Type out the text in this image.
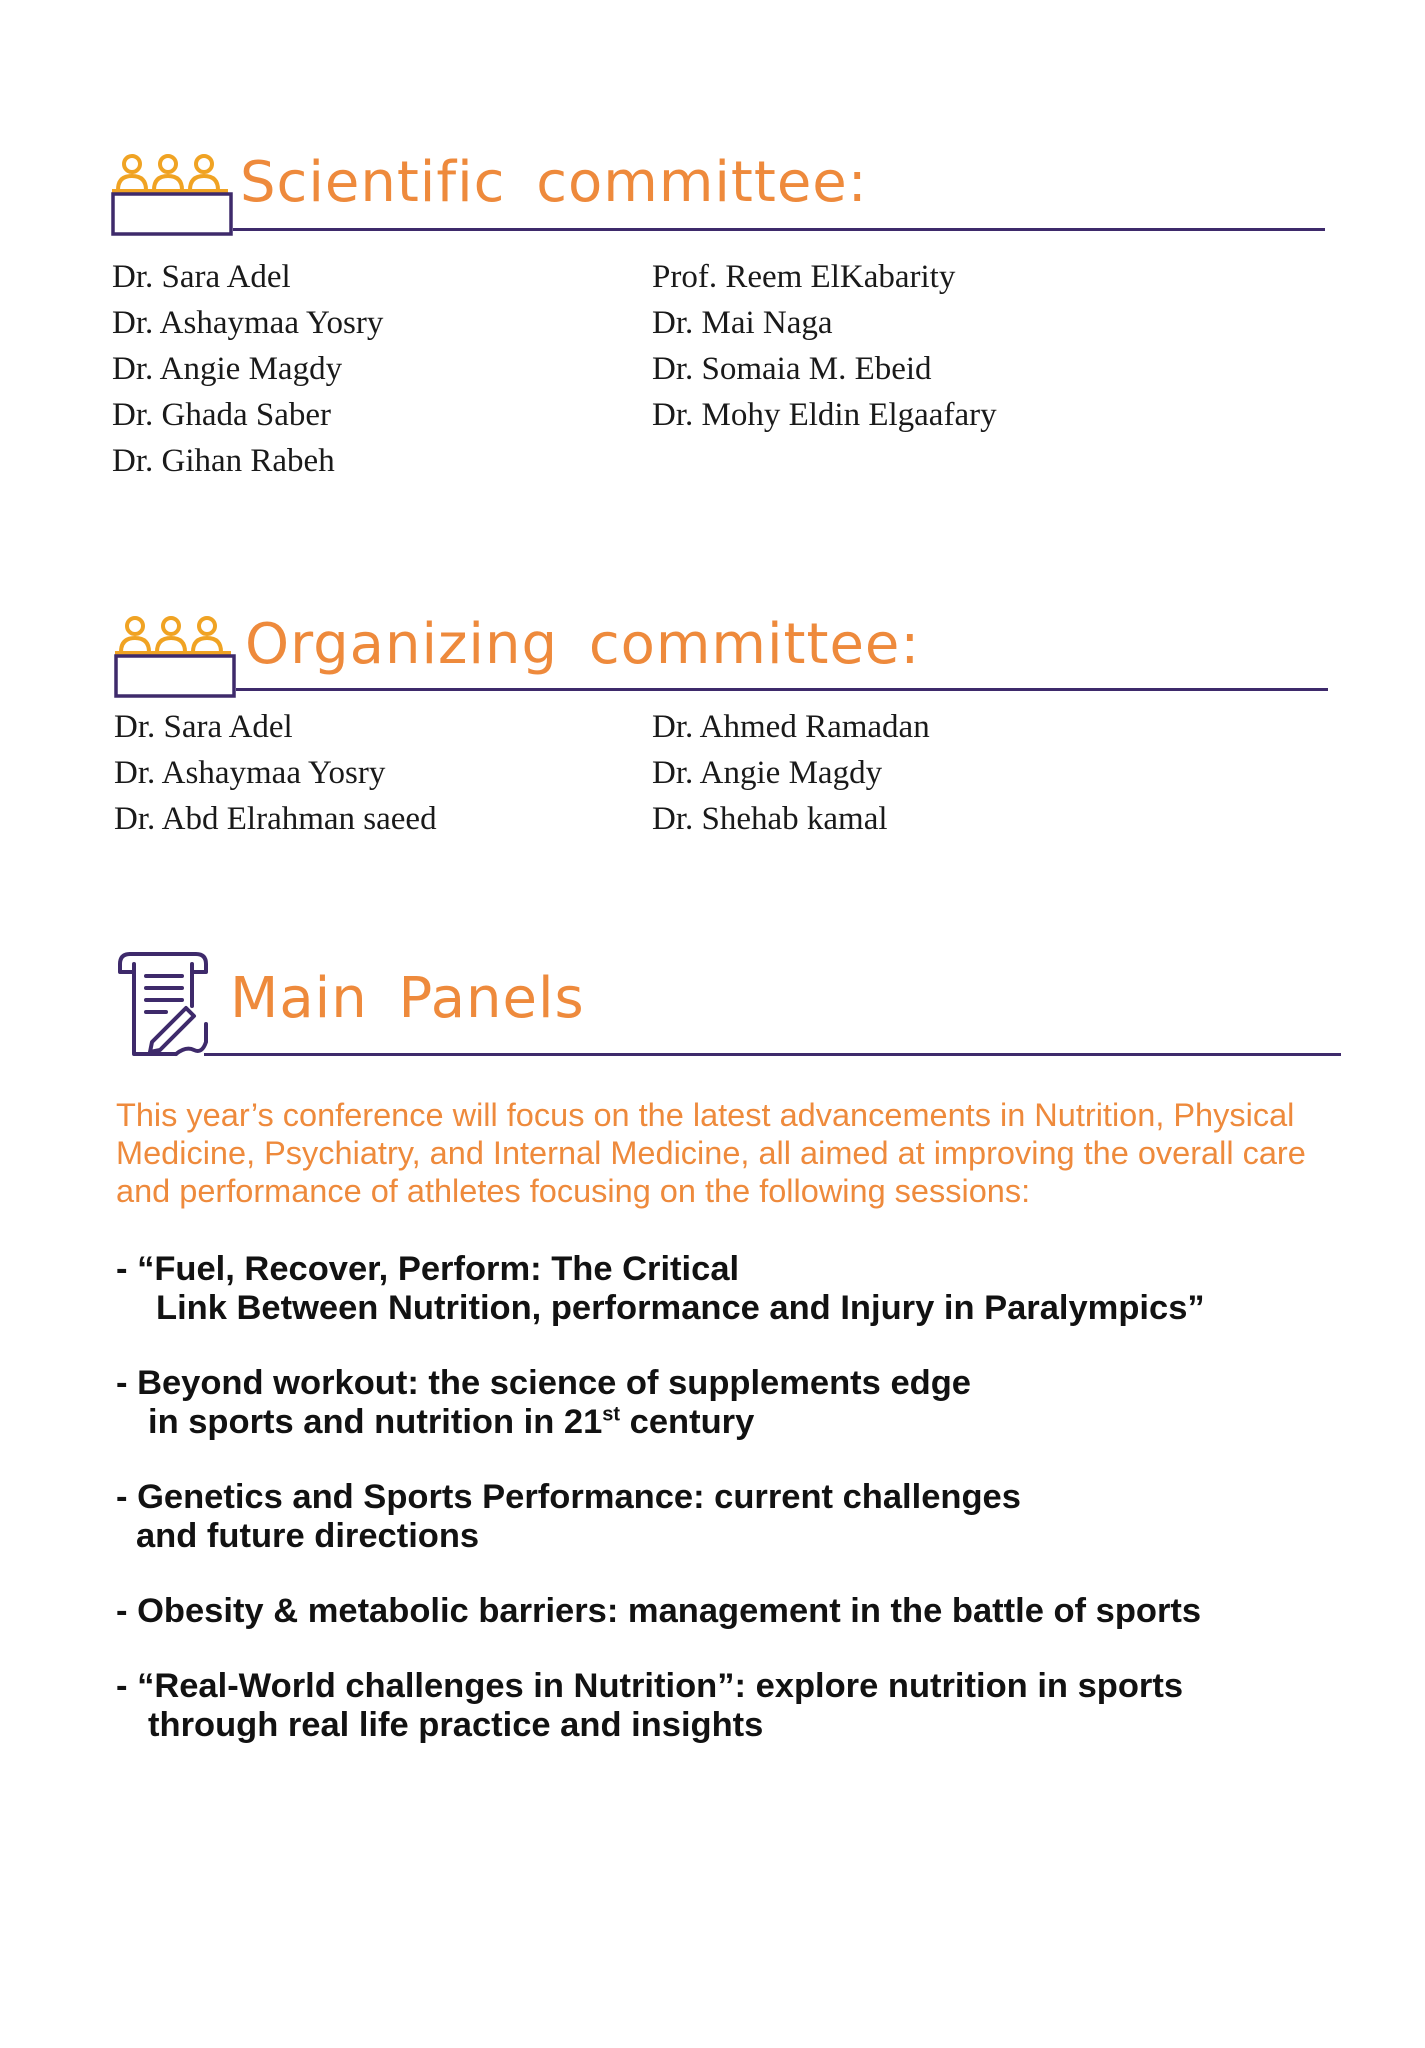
Scientific committee:
Dr. Sara Adel
Dr. Ashaymaa Yosry
Dr. Angie Magdy
Dr. Ghada Saber
Dr. Gihan Rabeh
Prof. Reem ElKabarity
Dr. Mai Naga
Dr. Somaia M. Ebeid
Dr. Mohy Eldin Elgaafary
Organizing committee:
Dr. Sara Adel
Dr. Ashaymaa Yosry
Dr. Abd Elrahman saeed
Dr. Ahmed Ramadan
Dr. Angie Magdy
Dr. Shehab kamal
Main Panels

This year’s conference will focus on the latest advancements in Nutrition, Physical Medicine, Psychiatry, and Internal Medicine, all aimed at improving the overall care and performance of athletes focusing on the following sessions:

- “Fuel, Recover, Perform: The Critical
Link Between Nutrition, performance and Injury in Paralympics”
- Beyond workout: the science of supplements edge
in sports and nutrition in 21st century
- Genetics and Sports Performance: current challenges
and future directions
- Obesity & metabolic barriers: management in the battle of sports
- “Real-World challenges in Nutrition”: explore nutrition in sports
through real life practice and insights
